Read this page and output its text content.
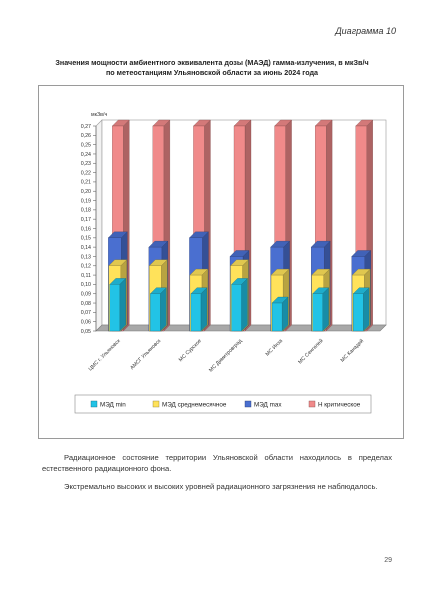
Диаграмма 10
Значения мощности амбиентного эквивалента дозы (МАЭД) гамма-излучения, в мкЗв/ч
по метеостанциям Ульяновской области за июнь 2024 года
0,05
0,06
0,07
0,08
0,09
0,10
0,11
0,12
0,13
0,14
0,15
0,16
0,17
0,18
0,19
0,20
0,21
0,22
0,23
0,24
0,25
0,26
0,27
мкЗв/ч
ЦМС г. Ульяновск АМСГ Ульяновск	МС Сурское МС Димитровград	МС Инза	МС Сенгилей	МС Канадей
МЭД min	МЭД среднемесячное	МЭД max	Н критическое
Радиационное состояние территории Ульяновской области находилось в пределах естественного радиационного фона.
Экстремально высоких и высоких уровней радиационного загрязнения не наблюдалось.
29
